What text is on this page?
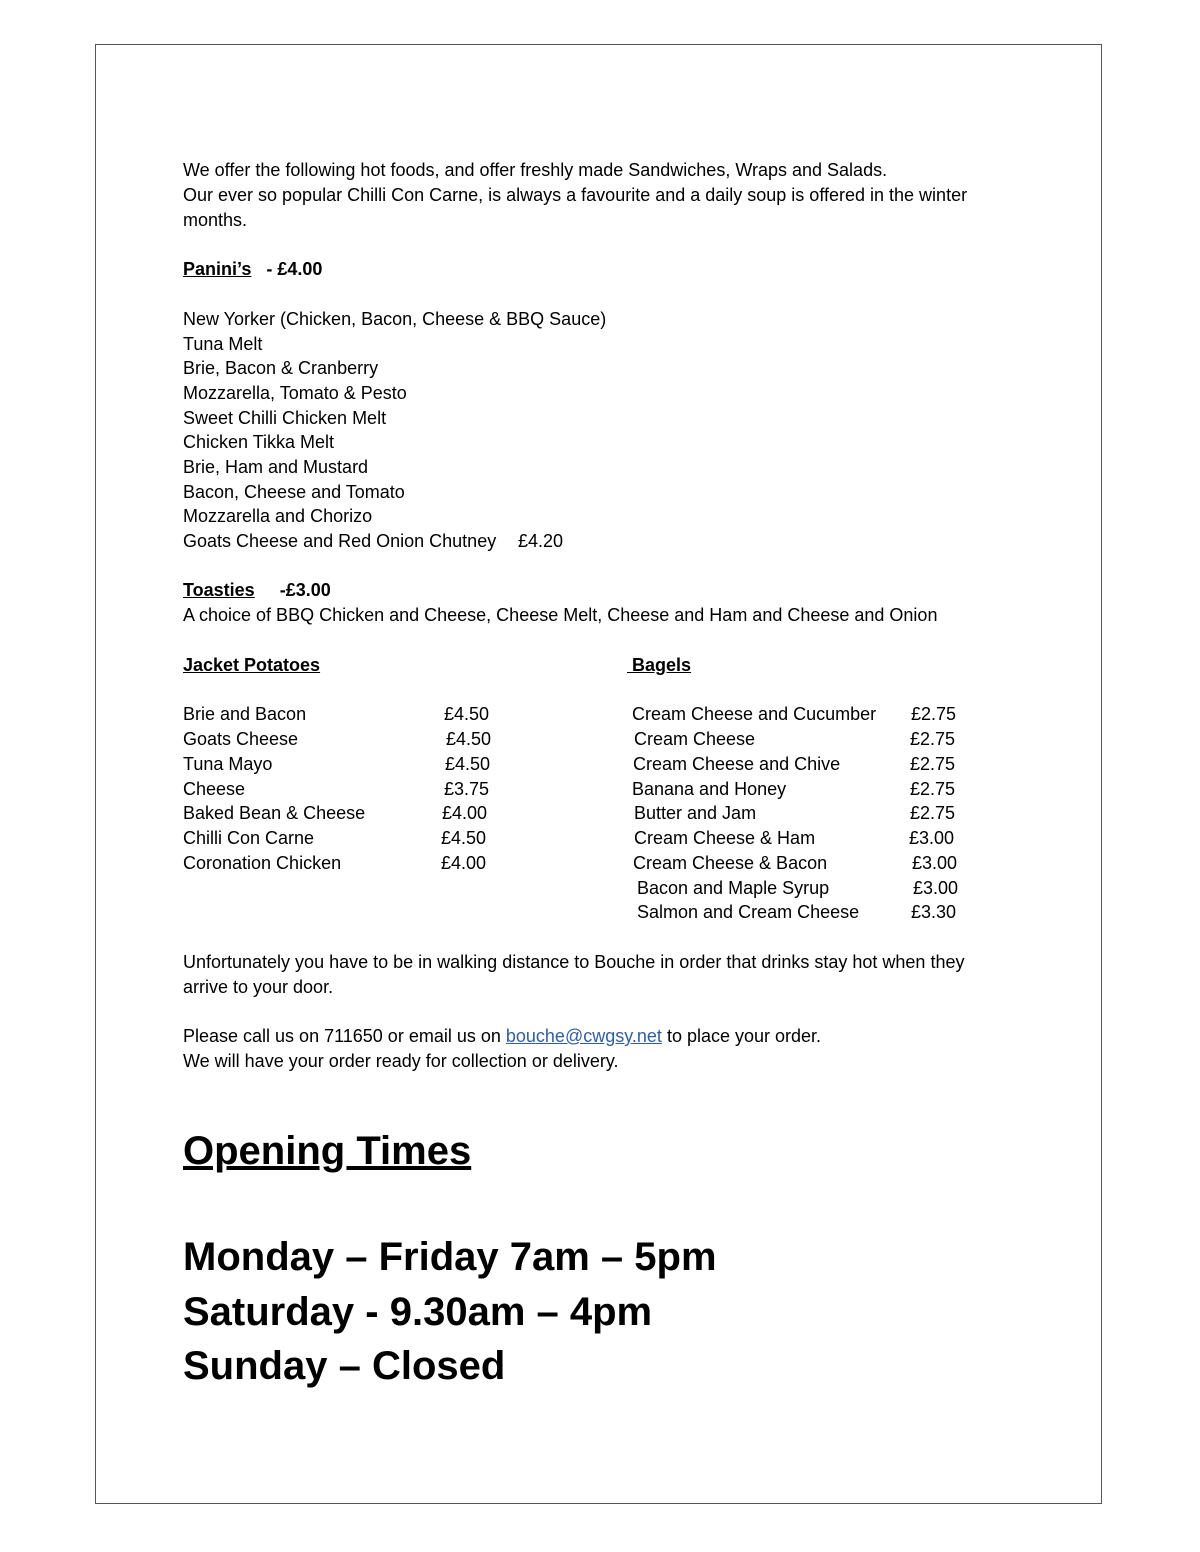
We offer the following hot foods, and offer freshly made Sandwiches, Wraps and Salads.
Our ever so popular Chilli Con Carne, is always a favourite and a daily soup is offered in the winter
months.
Panini’s - £4.00
New Yorker (Chicken, Bacon, Cheese & BBQ Sauce)
Tuna Melt
Brie, Bacon & Cranberry
Mozzarella, Tomato & Pesto
Sweet Chilli Chicken Melt
Chicken Tikka Melt
Brie, Ham and Mustard
Bacon, Cheese and Tomato
Mozzarella and Chorizo
Goats Cheese and Red Onion Chutney £4.20
Toasties -£3.00
A choice of BBQ Chicken and Cheese, Cheese Melt, Cheese and Ham and Cheese and Onion
Jacket Potatoes
Brie and Bacon	£4.50
Goats Cheese	£4.50
Tuna Mayo	£4.50
Cheese	£3.75
Baked Bean & Cheese	£4.00
Chilli Con Carne	£4.50
Coronation Chicken	£4.00
Bagels
Cream Cheese and Cucumber £2.75
Cream Cheese	£2.75
Cream Cheese and Chive	£2.75
Banana and Honey	£2.75
Butter and Jam	£2.75
Cream Cheese & Ham	£3.00
Cream Cheese & Bacon	£3.00
Bacon and Maple Syrup	£3.00
Salmon and Cream Cheese	£3.30
Unfortunately you have to be in walking distance to Bouche in order that drinks stay hot when they
arrive to your door.
Please call us on 711650 or email us on bouche@cwgsy.net to place your order.
We will have your order ready for collection or delivery.
Opening Times
Monday – Friday 7am – 5pm
Saturday - 9.30am – 4pm
Sunday – Closed
